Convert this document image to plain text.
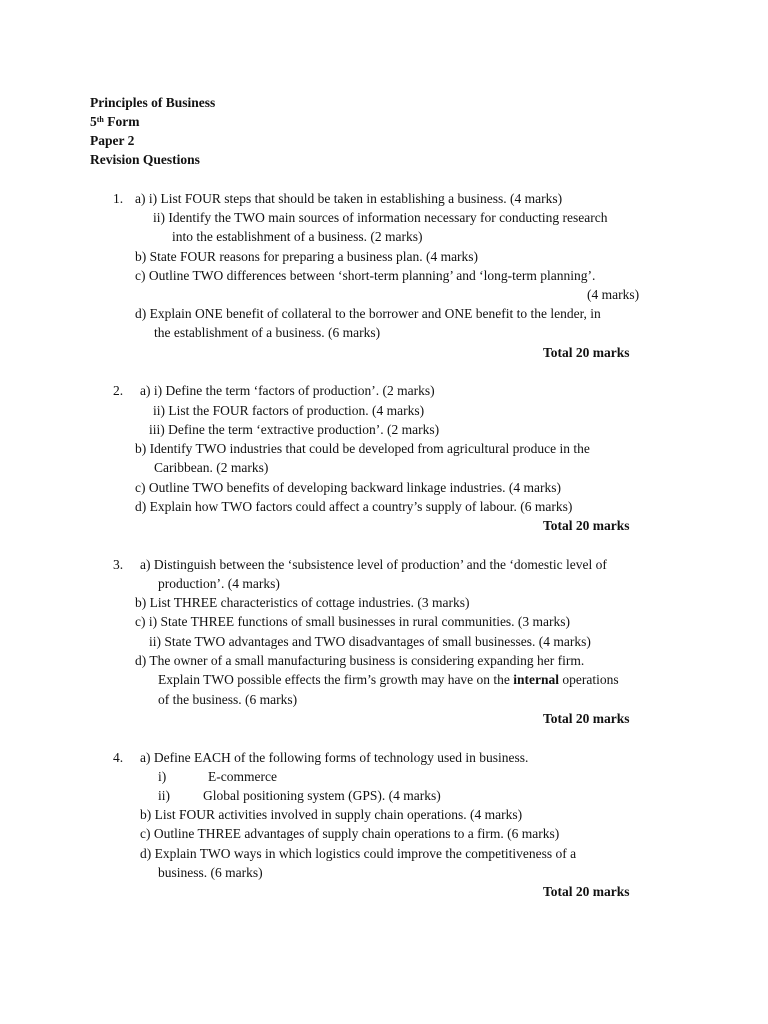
Principles of Business
5th Form
Paper 2
Revision Questions
1. a) i) List FOUR steps that should be taken in establishing a business. (4 marks)
ii) Identify the TWO main sources of information necessary for conducting research
into the establishment of a business. (2 marks)
b) State FOUR reasons for preparing a business plan. (4 marks)
c) Outline TWO differences between ‘short-term planning’ and ‘long-term planning’.
(4 marks)
d) Explain ONE benefit of collateral to the borrower and ONE benefit to the lender, in
the establishment of a business. (6 marks)
Total 20 marks
2. a) i) Define the term ‘factors of production’. (2 marks)
ii) List the FOUR factors of production. (4 marks)
iii) Define the term ‘extractive production’. (2 marks)
b) Identify TWO industries that could be developed from agricultural produce in the
Caribbean. (2 marks)
c) Outline TWO benefits of developing backward linkage industries. (4 marks)
d) Explain how TWO factors could affect a country’s supply of labour. (6 marks)
Total 20 marks
3. a) Distinguish between the ‘subsistence level of production’ and the ‘domestic level of
production’. (4 marks)
b) List THREE characteristics of cottage industries. (3 marks)
c) i) State THREE functions of small businesses in rural communities. (3 marks)
ii) State TWO advantages and TWO disadvantages of small businesses. (4 marks)
d) The owner of a small manufacturing business is considering expanding her firm.
Explain TWO possible effects the firm’s growth may have on the internal operations
of the business. (6 marks)
Total 20 marks
4. a) Define EACH of the following forms of technology used in business.
i)	E-commerce
ii) Global positioning system (GPS). (4 marks)
b) List FOUR activities involved in supply chain operations. (4 marks)
c) Outline THREE advantages of supply chain operations to a firm. (6 marks)
d) Explain TWO ways in which logistics could improve the competitiveness of a
business. (6 marks)
Total 20 marks
